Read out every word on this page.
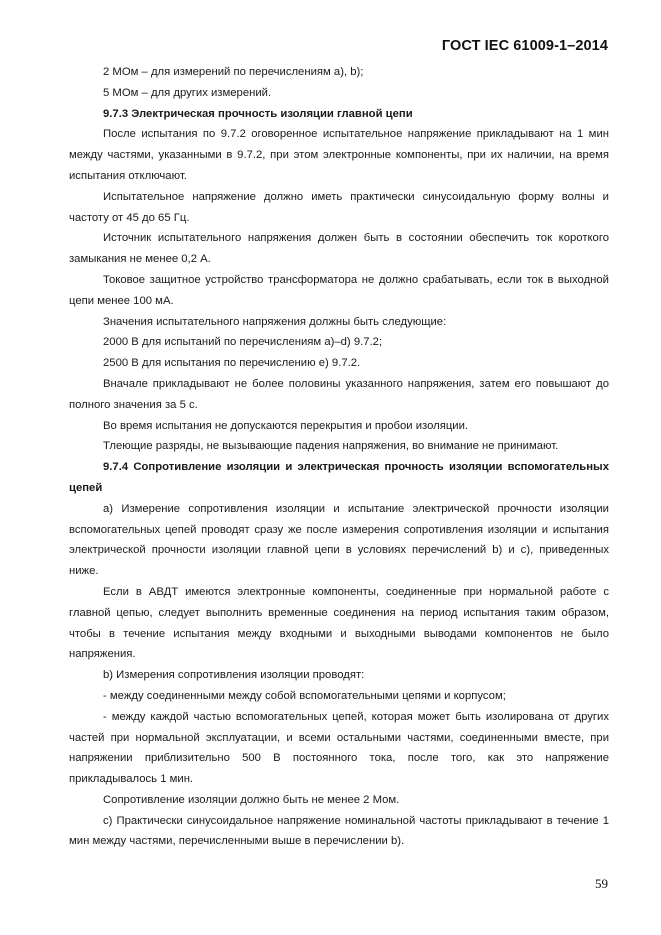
ГОСТ IEC 61009-1–2014

2 МОм – для измерений по перечислениям a), b);

5 МОм – для других измерений.

9.7.3 Электрическая прочность изоляции главной цепи

После испытания по 9.7.2 оговоренное испытательное напряжение прикладывают на 1 мин между частями, указанными в 9.7.2, при этом электронные компоненты, при их наличии, на время испытания отключают.

Испытательное напряжение должно иметь практически синусоидальную форму волны и частоту от 45 до 65 Гц.

Источник испытательного напряжения должен быть в состоянии обеспечить ток короткого замыкания не менее 0,2 А.

Токовое защитное устройство трансформатора не должно срабатывать, если ток в выходной цепи менее 100 мА.

Значения испытательного напряжения должны быть следующие:

2000 В для испытаний по перечислениям a)–d) 9.7.2;

2500 В для испытания по перечислению e) 9.7.2.

Вначале прикладывают не более половины указанного напряжения, затем его повышают до полного значения за 5 с.

Во время испытания не допускаются перекрытия и пробои изоляции.

Тлеющие разряды, не вызывающие падения напряжения, во внимание не принимают.

9.7.4 Сопротивление изоляции и электрическая прочность изоляции вспомогательных цепей

a) Измерение сопротивления изоляции и испытание электрической прочности изоляции вспомогательных цепей проводят сразу же после измерения сопротивления изоляции и испытания электрической прочности изоляции главной цепи в условиях перечислений b) и c), приведенных ниже.

Если в АВДТ имеются электронные компоненты, соединенные при нормальной работе с главной цепью, следует выполнить временные соединения на период испытания таким образом, чтобы в течение испытания между входными и выходными выводами компонентов не было напряжения.

b) Измерения сопротивления изоляции проводят:

- между соединенными между собой вспомогательными цепями и корпусом;

- между каждой частью вспомогательных цепей, которая может быть изолирована от других частей при нормальной эксплуатации, и всеми остальными частями, соединенными вместе, при напряжении приблизительно 500 В постоянного тока, после того, как это напряжение прикладывалось 1 мин.

Сопротивление изоляции должно быть не менее 2 Мом.

c) Практически синусоидальное напряжение номинальной частоты прикладывают в течение 1 мин между частями, перечисленными выше в перечислении b).

59
